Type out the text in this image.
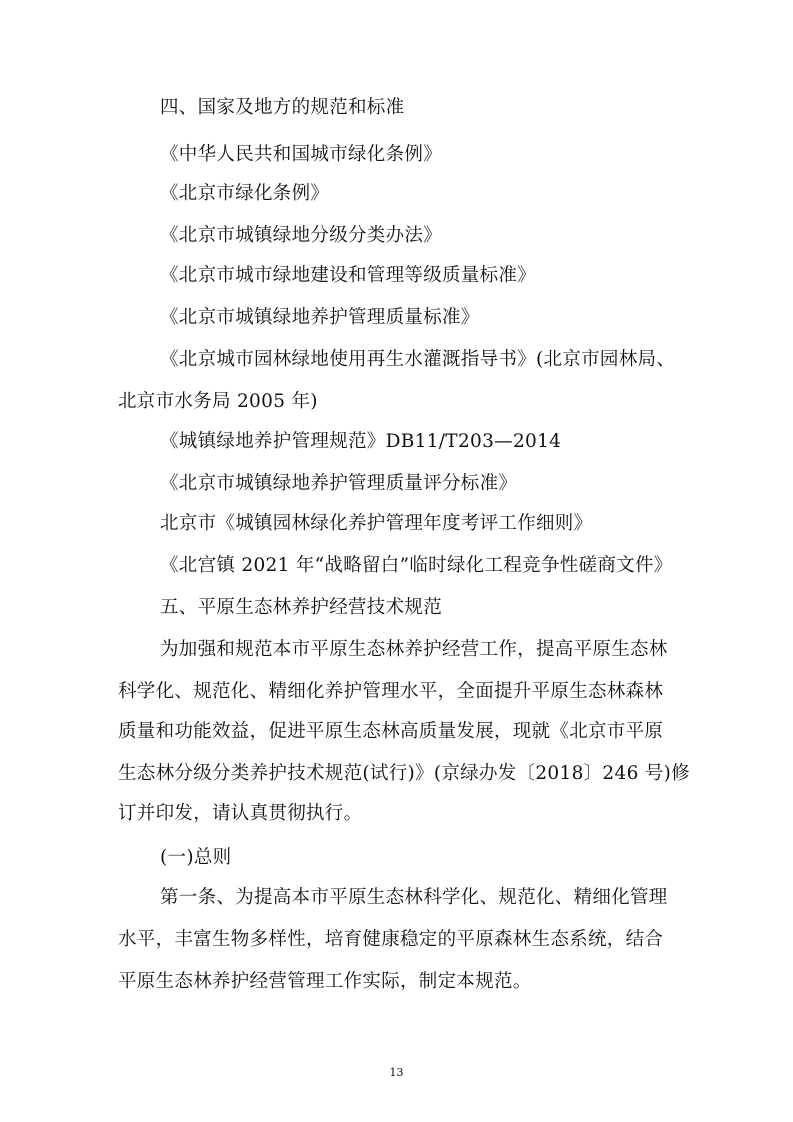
四、国家及地方的规范和标准
《中华人民共和国城市绿化条例》
《北京市绿化条例》
《北京市城镇绿地分级分类办法》
《北京市城市绿地建设和管理等级质量标准》
《北京市城镇绿地养护管理质量标准》
《北京城市园林绿地使用再生水灌溉指导书》(北京市园林局、
北京市水务局 2005 年)
《城镇绿地养护管理规范》DB11/T203—2014
《北京市城镇绿地养护管理质量评分标准》
北京市《城镇园林绿化养护管理年度考评工作细则》
《北宫镇 2021 年“战略留白”临时绿化工程竞争性磋商文件》
五、平原生态林养护经营技术规范
为加强和规范本市平原生态林养护经营工作，提高平原生态林
科学化、规范化、精细化养护管理水平，全面提升平原生态林森林
质量和功能效益，促进平原生态林高质量发展，现就《北京市平原
生态林分级分类养护技术规范(试行)》(京绿办发〔2018〕246 号)修
订并印发，请认真贯彻执行。
(一)总则
第一条、为提高本市平原生态林科学化、规范化、精细化管理
水平，丰富生物多样性，培育健康稳定的平原森林生态系统，结合
平原生态林养护经营管理工作实际，制定本规范。
13
